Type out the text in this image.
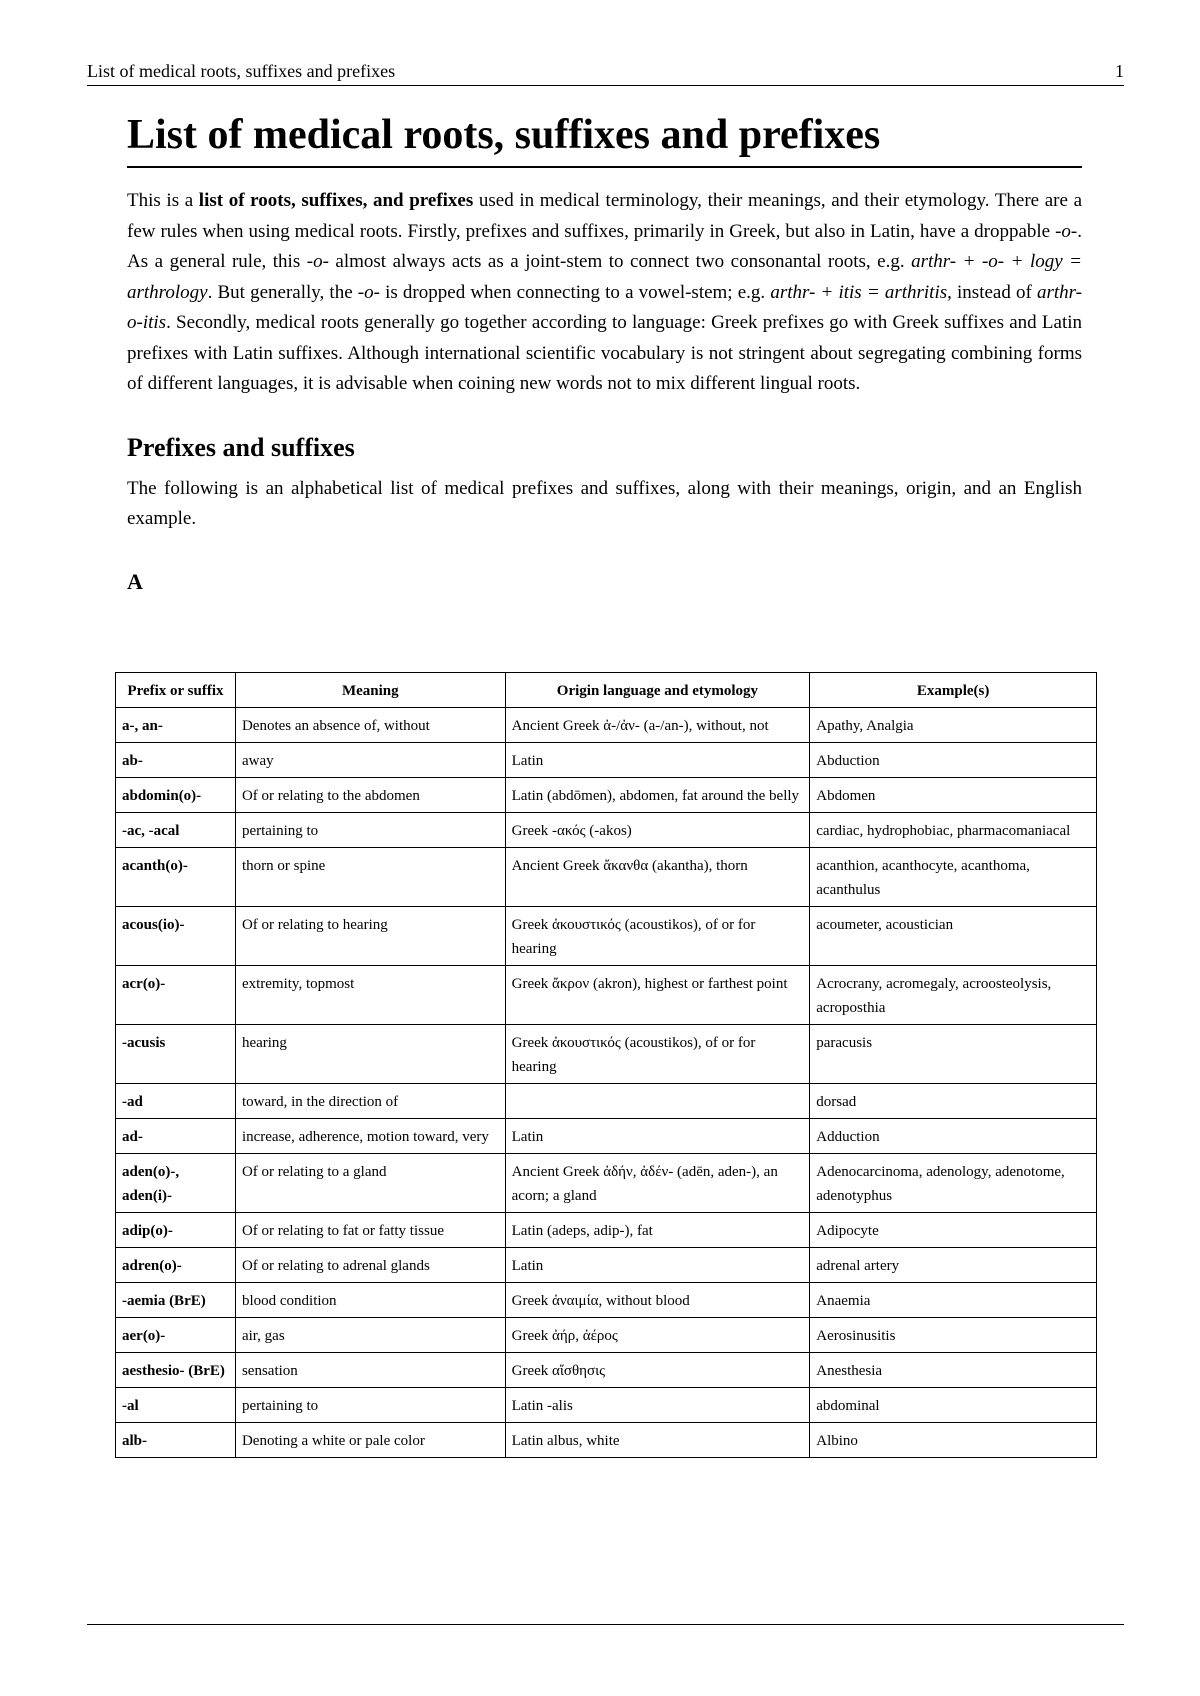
List of medical roots, suffixes and prefixes	1
List of medical roots, suffixes and prefixes

This is a list of roots, suffixes, and prefixes used in medical terminology, their meanings, and their etymology. There are a few rules when using medical roots. Firstly, prefixes and suffixes, primarily in Greek, but also in Latin, have a droppable -o-. As a general rule, this -o- almost always acts as a joint-stem to connect two consonantal roots, e.g. arthr- + -o- + logy = arthrology. But generally, the -o- is dropped when connecting to a vowel-stem; e.g. arthr- + itis = arthritis, instead of arthr-o-itis. Secondly, medical roots generally go together according to language: Greek prefixes go with Greek suffixes and Latin prefixes with Latin suffixes. Although international scientific vocabulary is not stringent about segregating combining forms of different languages, it is advisable when coining new words not to mix different lingual roots.

Prefixes and suffixes

The following is an alphabetical list of medical prefixes and suffixes, along with their meanings, origin, and an English example.

A
Prefix or suffix	Meaning	Origin language and etymology	Example(s)
a-, an-	Denotes an absence of, without	Ancient Greek ἀ-/ἀν- (a-/an-), without, not	Apathy, Analgia
ab-	away	Latin	Abduction
abdomin(o)-	Of or relating to the abdomen	Latin (abdōmen), abdomen, fat around the belly	Abdomen
-ac, -acal	pertaining to	Greek -ακός (-akos)	cardiac, hydrophobiac, pharmacomaniacal
acanth(o)-	thorn or spine	Ancient Greek ἄκανθα (akantha), thorn	acanthion, acanthocyte, acanthoma, acanthulus
acous(io)-	Of or relating to hearing	Greek ἀκουστικός (acoustikos), of or for hearing	acoumeter, acoustician
acr(o)-	extremity, topmost	Greek ἄκρον (akron), highest or farthest point	Acrocrany, acromegaly, acroosteolysis, acroposthia
-acusis	hearing	Greek ἀκουστικός (acoustikos), of or for hearing	paracusis
-ad	toward, in the direction of		dorsad
ad-	increase, adherence, motion toward, very	Latin	Adduction
aden(o)-, aden(i)-	Of or relating to a gland	Ancient Greek ἀδήν, ἀδέν- (adēn, aden-), an acorn; a gland	Adenocarcinoma, adenology, adenotome, adenotyphus
adip(o)-	Of or relating to fat or fatty tissue	Latin (adeps, adip-), fat	Adipocyte
adren(o)-	Of or relating to adrenal glands	Latin	adrenal artery
-aemia (BrE)	blood condition	Greek ἀναιμία, without blood	Anaemia
aer(o)-	air, gas	Greek ἀήρ, ἀέρος	Aerosinusitis
aesthesio- (BrE)	sensation	Greek αἴσθησις	Anesthesia
-al	pertaining to	Latin -alis	abdominal
alb-	Denoting a white or pale color	Latin albus, white	Albino
